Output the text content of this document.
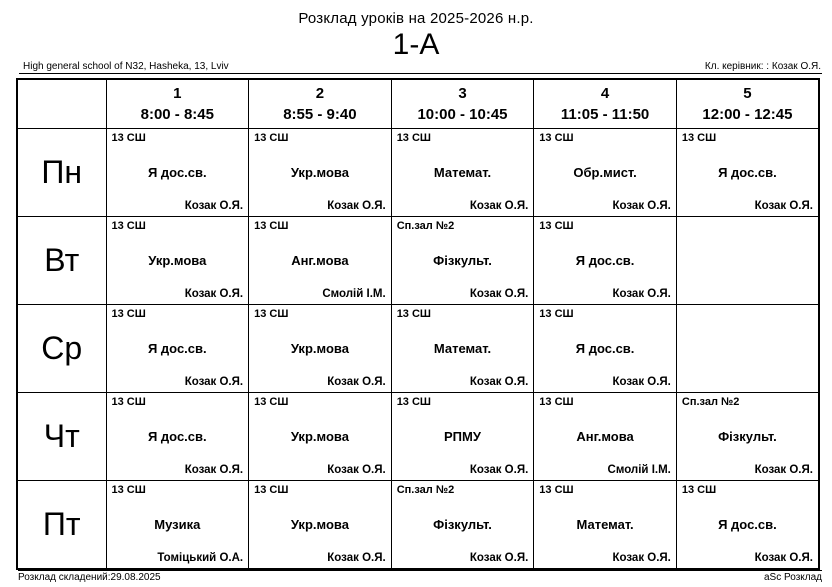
Розклад уроків на 2025-2026 н.р.
1-А
High general school of N32, Hasheka, 13, Lviv	Кл. керівник: : Козак О.Я.

1
8:00 - 8:45

2
8:55 - 9:40

3
10:00 - 10:45

4
11:05 - 11:50

5
12:00 - 12:45

Пн	
13 СШ
Я дос.св.
Козак О.Я.

13 СШ
Укр.мова
Козак О.Я.

13 СШ
Математ.
Козак О.Я.

13 СШ
Обр.мист.
Козак О.Я.

13 СШ
Я дос.св.
Козак О.Я.

Вт	
13 СШ
Укр.мова
Козак О.Я.

13 СШ
Анг.мова
Смолій І.М.

Сп.зал №2
Фізкульт.
Козак О.Я.

13 СШ
Я дос.св.
Козак О.Я.

Ср	
13 СШ
Я дос.св.
Козак О.Я.

13 СШ
Укр.мова
Козак О.Я.

13 СШ
Математ.
Козак О.Я.

13 СШ
Я дос.св.
Козак О.Я.

Чт	
13 СШ
Я дос.св.
Козак О.Я.

13 СШ
Укр.мова
Козак О.Я.

13 СШ
РПМУ
Козак О.Я.

13 СШ
Анг.мова
Смолій І.М.

Сп.зал №2
Фізкульт.
Козак О.Я.

Пт	
13 СШ
Музика
Томіцький О.А.

13 СШ
Укр.мова
Козак О.Я.

Сп.зал №2
Фізкульт.
Козак О.Я.

13 СШ
Математ.
Козак О.Я.

13 СШ
Я дос.св.
Козак О.Я.
Розклад складений:29.08.2025	aSc Розклад
